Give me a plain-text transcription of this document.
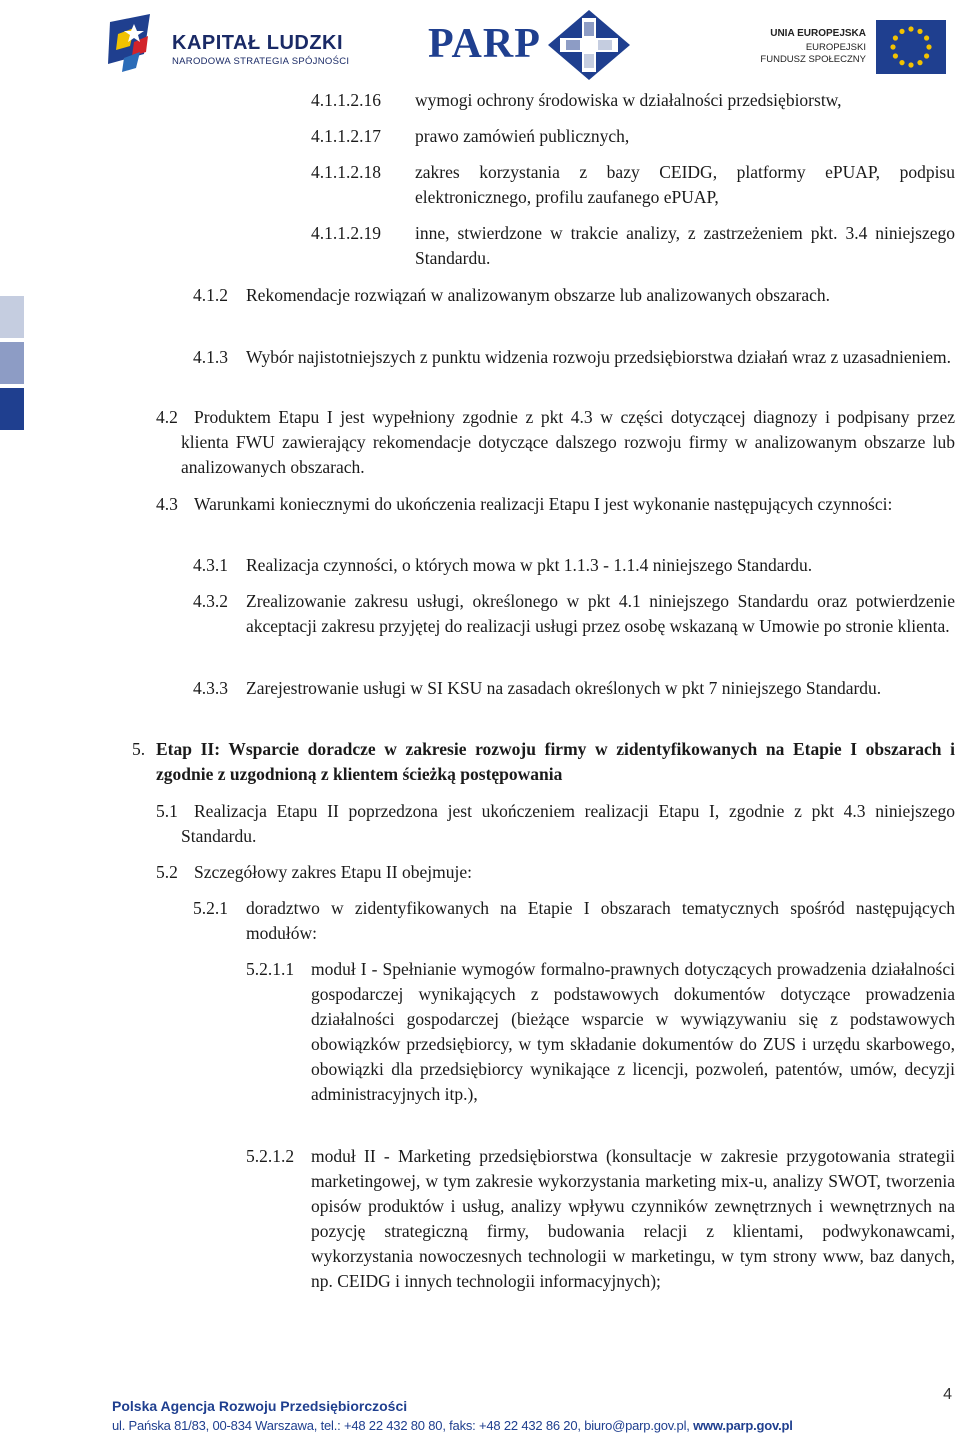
KAPITAŁ LUDZKI
NARODOWA STRATEGIA SPÓJNOŚCI PARP	UNIA EUROPEJSKA
EUROPEJSKI
FUNDUSZ SPOŁECZNY
4.1.1.2.16 wymogi ochrony środowiska w działalności przedsiębiorstw,
4.1.1.2.17 prawo zamówień publicznych,
4.1.1.2.18 zakres korzystania z bazy CEIDG, platformy ePUAP, podpisu elektronicznego, profilu zaufanego ePUAP,
4.1.1.2.19 inne, stwierdzone w trakcie analizy, z zastrzeżeniem pkt. 3.4 niniejszego Standardu.
4.1.2 Rekomendacje rozwiązań w analizowanym obszarze lub analizowanych obszarach.
4.1.3 Wybór najistotniejszych z punktu widzenia rozwoju przedsiębiorstwa działań wraz z uzasadnieniem.
4.2 Produktem Etapu I jest wypełniony zgodnie z pkt 4.3 w części dotyczącej diagnozy i podpisany przez klienta FWU zawierający rekomendacje dotyczące dalszego rozwoju firmy w analizowanym obszarze lub analizowanych obszarach.
4.3 Warunkami koniecznymi do ukończenia realizacji Etapu I jest wykonanie następujących czynności:
4.3.1 Realizacja czynności, o których mowa w pkt 1.1.3 - 1.1.4 niniejszego Standardu.
4.3.2 Zrealizowanie zakresu usługi, określonego w pkt 4.1 niniejszego Standardu oraz potwierdzenie akceptacji zakresu przyjętej do realizacji usługi przez osobę wskazaną w Umowie po stronie klienta.
4.3.3 Zarejestrowanie usługi w SI KSU na zasadach określonych w pkt 7 niniejszego Standardu.
5. Etap II: Wsparcie doradcze w zakresie rozwoju firmy w zidentyfikowanych na Etapie I obszarach i zgodnie z uzgodnioną z klientem ścieżką postępowania
5.1 Realizacja Etapu II poprzedzona jest ukończeniem realizacji Etapu I, zgodnie z pkt 4.3 niniejszego Standardu.
5.2 Szczegółowy zakres Etapu II obejmuje:
5.2.1 doradztwo w zidentyfikowanych na Etapie I obszarach tematycznych spośród następujących modułów:
5.2.1.1 moduł I - Spełnianie wymogów formalno-prawnych dotyczących prowadzenia działalności gospodarczej wynikających z podstawowych dokumentów dotyczące prowadzenia działalności gospodarczej (bieżące wsparcie w wywiązywaniu się z podstawowych obowiązków przedsiębiorcy, w tym składanie dokumentów do ZUS i urzędu skarbowego, obowiązki dla przedsiębiorcy wynikające z licencji, pozwoleń, patentów, umów, decyzji administracyjnych itp.),
5.2.1.2 moduł II - Marketing przedsiębiorstwa (konsultacje w zakresie przygotowania strategii marketingowej, w tym zakresie wykorzystania marketing mix-u, analizy SWOT, tworzenia opisów produktów i usług, analizy wpływu czynników zewnętrznych i wewnętrznych na pozycję strategiczną firmy, budowania relacji z klientami, podwykonawcami, wykorzystania nowoczesnych technologii w marketingu, w tym strony www, baz danych, np. CEIDG i innych technologii informacyjnych);
Polska Agencja Rozwoju Przedsiębiorczości
ul. Pańska 81/83, 00-834 Warszawa, tel.: +48 22 432 80 80, faks: +48 22 432 86 20, biuro@parp.gov.pl, www.parp.gov.pl
4
